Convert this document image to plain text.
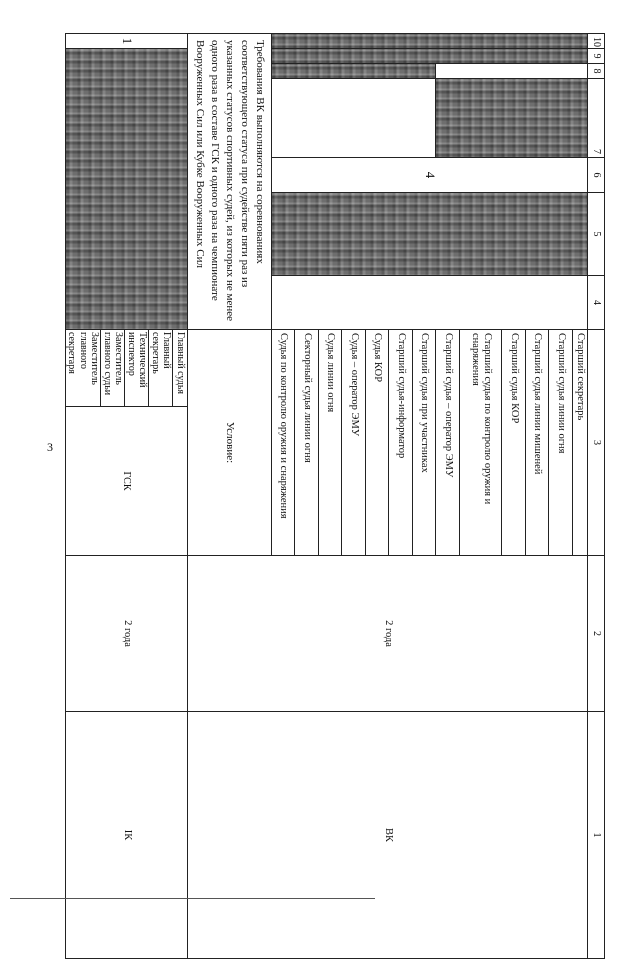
3
10	9	8	7	6	5	4	3		2	1
				4			Старший секретарь		2 года	ВК
							Старший судья линии огня			
							Старший судья линии мишеней			
							Старший судья КОР			
							Старший судья по контролю оружия и снаряжения			
							Старший судья – оператор ЭМУ			
							Старший судья при участниках			
							Старший судья-информатор			
							Судья КОР			
							Судья – оператор ЭМУ			
							Судья линии огня			
							Секторный судья линии огня			
							Судья по контролю оружия и снаряжения			
Требования ВК выполняются на соревнованиях соответствующего статуса при судействе пяти раз из указанных статусов спортивных судей, из которых не менее одного раза в составе ГСК и одного раза на чемпионате Вооруженных Сил или Кубке Вооруженных Сил							Условие:			
1							Главный судья	ГСК	2 года	IК
							Главный секретарь			
							Технический инспектор			
							Заместитель главного судьи			
							Заместитель главного секретаря			
